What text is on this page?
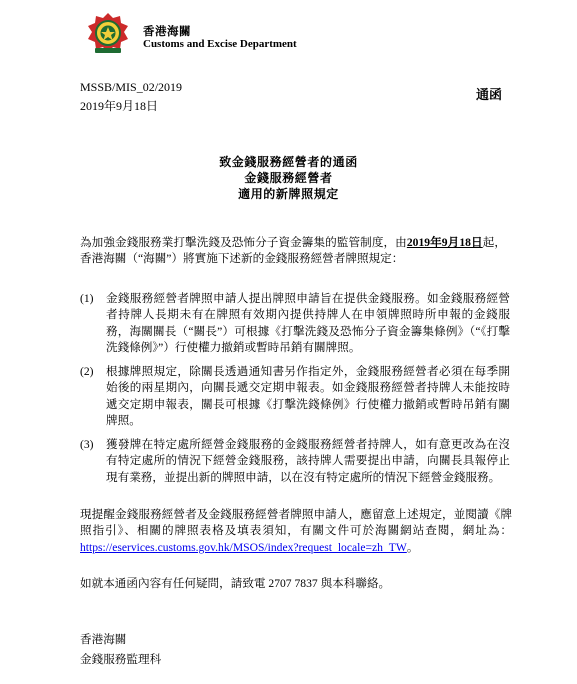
香港海關
Customs and Excise Department
MSSB/MIS_02/2019
2019年9月18日
通函
致金錢服務經營者的通函
金錢服務經營者
適用的新牌照規定
為加強金錢服務業打擊洗錢及恐怖分子資金籌集的監管制度，由2019年9月18日起，香港海關（“海關”）將實施下述新的金錢服務經營者牌照規定：
(1)	金錢服務經營者牌照申請人提出牌照申請旨在提供金錢服務。如金錢服務經營者持牌人長期未有在牌照有效期內提供持牌人在申領牌照時所申報的金錢服務，海關關長（“關長”）可根據《打擊洗錢及恐怖分子資金籌集條例》（“《打擊洗錢條例》”）行使權力撤銷或暫時吊銷有關牌照。
(2)	根據牌照規定，除關長透過通知書另作指定外，金錢服務經營者必須在每季開始後的兩星期內，向關長遞交定期申報表。如金錢服務經營者持牌人未能按時遞交定期申報表，關長可根據《打擊洗錢條例》行使權力撤銷或暫時吊銷有關牌照。
(3)	獲發牌在特定處所經營金錢服務的金錢服務經營者持牌人，如有意更改為在沒有特定處所的情況下經營金錢服務，該持牌人需要提出申請，向關長具報停止現有業務，並提出新的牌照申請，以在沒有特定處所的情況下經營金錢服務。
現提醒金錢服務經營者及金錢服務經營者牌照申請人，應留意上述規定，並閱讀《牌照指引》、相關的牌照表格及填表須知，有關文件可於海關網站查閱，網址為：https://eservices.customs.gov.hk/MSOS/index?request_locale=zh_TW。
如就本通函內容有任何疑問，請致電 2707 7837 與本科聯絡。
香港海關
金錢服務監理科
